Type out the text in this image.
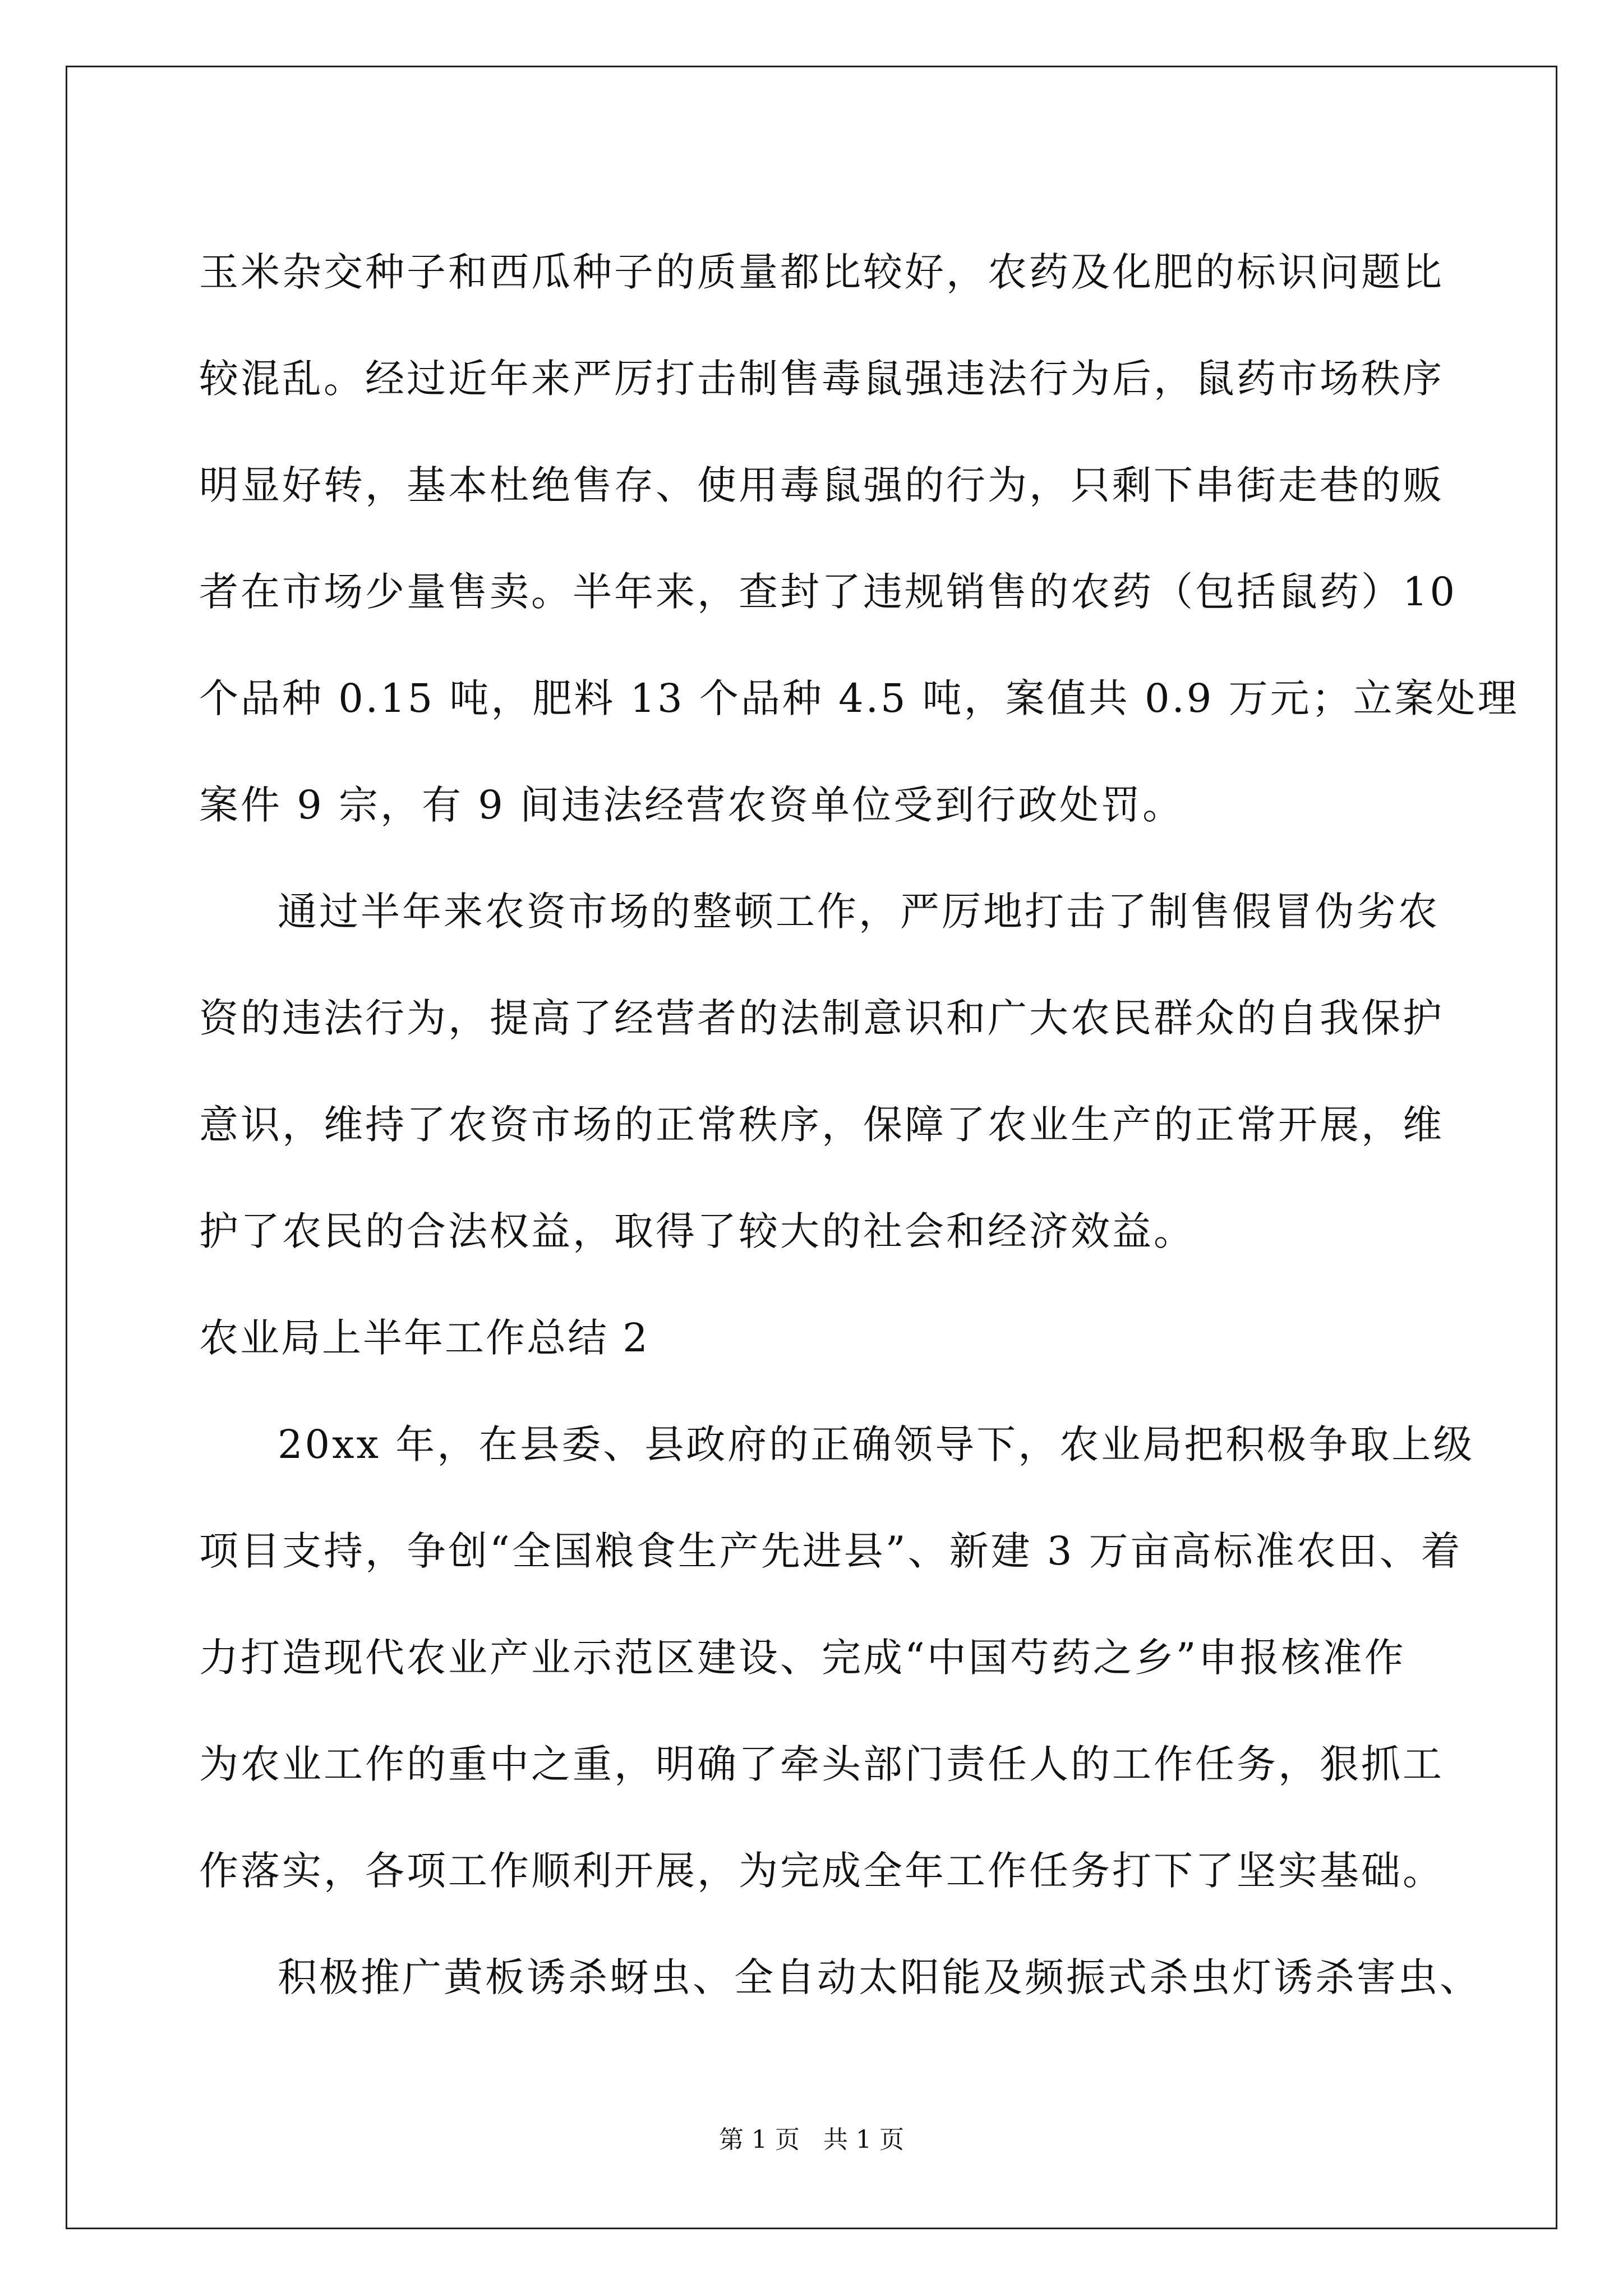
玉米杂交种子和西瓜种子的质量都比较好，农药及化肥的标识问题比
较混乱。经过近年来严厉打击制售毒鼠强违法行为后，鼠药市场秩序
明显好转，基本杜绝售存、使用毒鼠强的行为，只剩下串街走巷的贩
者在市场少量售卖。半年来，查封了违规销售的农药（包括鼠药）10
个品种 0.15 吨，肥料 13 个品种 4.5 吨，案值共 0.9 万元；立案处理
案件 9 宗，有 9 间违法经营农资单位受到行政处罚。
通过半年来农资市场的整顿工作，严厉地打击了制售假冒伪劣农
资的违法行为，提高了经营者的法制意识和广大农民群众的自我保护
意识，维持了农资市场的正常秩序，保障了农业生产的正常开展，维
护了农民的合法权益，取得了较大的社会和经济效益。
农业局上半年工作总结 2
20xx 年，在县委、县政府的正确领导下，农业局把积极争取上级
项目支持，争创“全国粮食生产先进县”、新建 3 万亩高标准农田、着
力打造现代农业产业示范区建设、完成“中国芍药之乡”申报核准作
为农业工作的重中之重，明确了牵头部门责任人的工作任务，狠抓工
作落实，各项工作顺利开展，为完成全年工作任务打下了坚实基础。
积极推广黄板诱杀蚜虫、全自动太阳能及频振式杀虫灯诱杀害虫、
第 1 页   共 1 页
